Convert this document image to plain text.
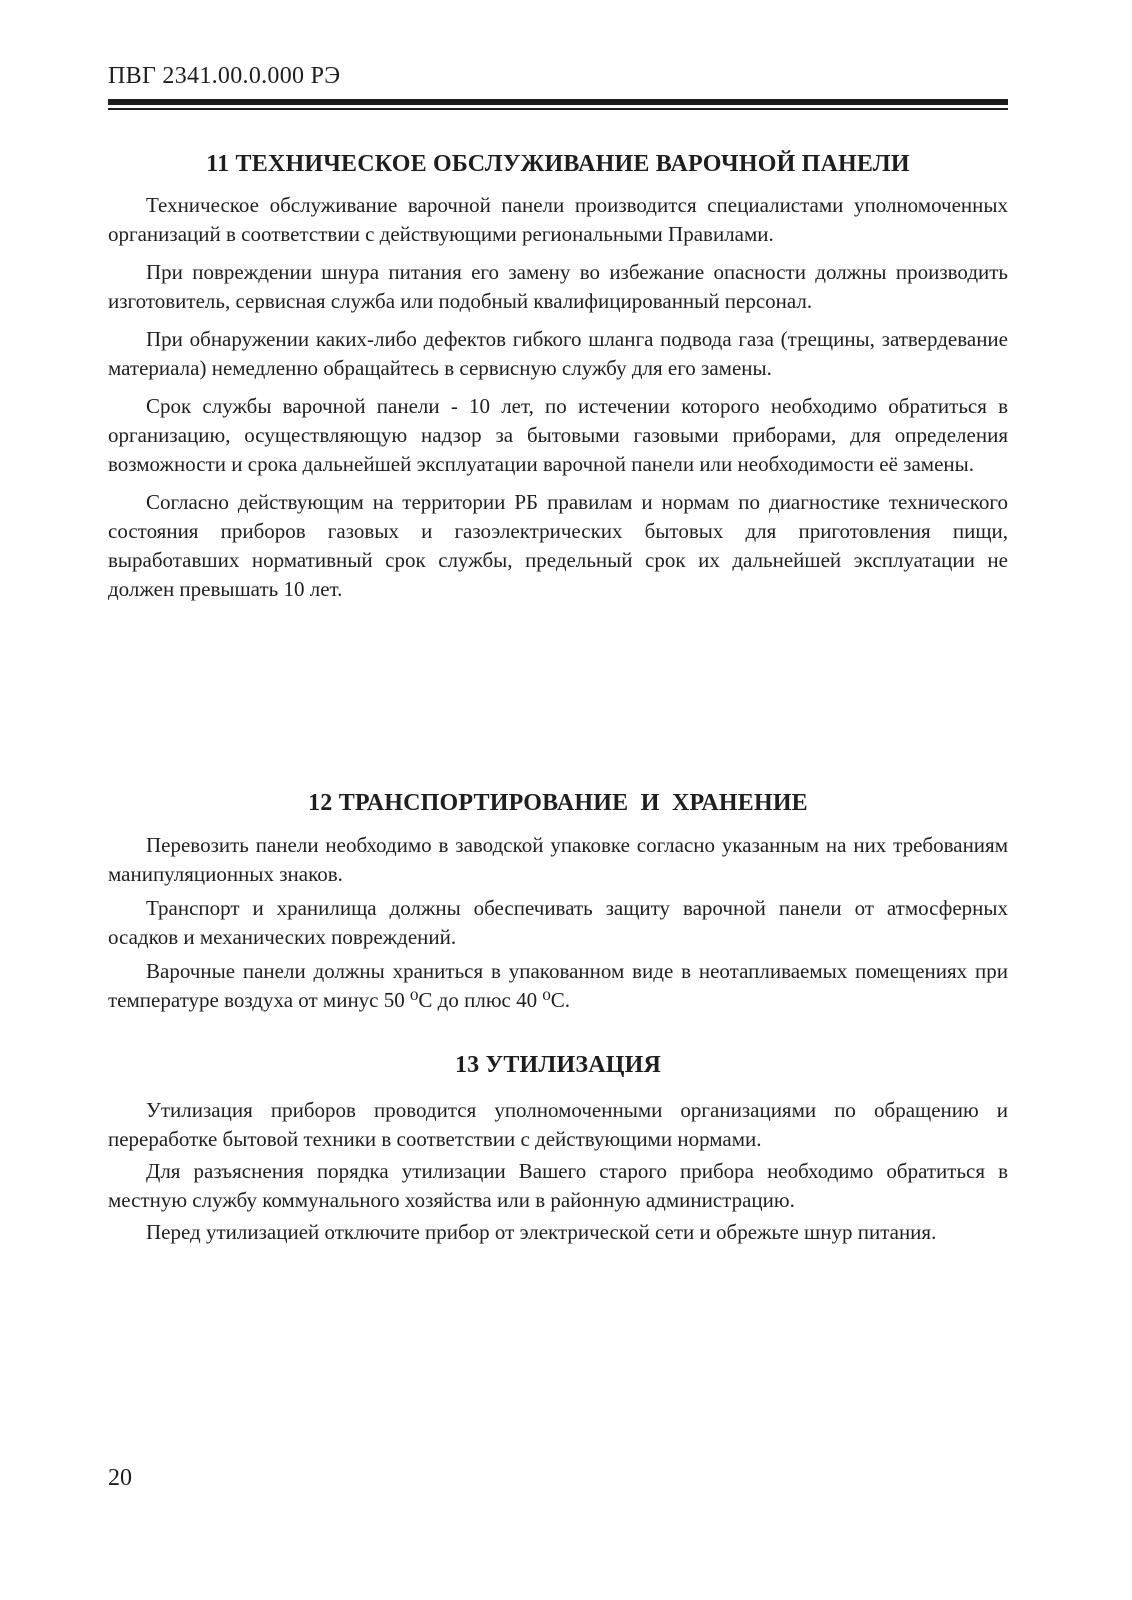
ПВГ 2341.00.0.000 РЭ
11 ТЕХНИЧЕСКОЕ ОБСЛУЖИВАНИЕ ВАРОЧНОЙ ПАНЕЛИ

Техническое обслуживание варочной панели производится специалистами уполномоченных организаций в соответствии с действующими региональными Правилами.

При повреждении шнура питания его замену во избежание опасности должны производить изготовитель, сервисная служба или подобный квалифицированный персонал.

При обнаружении каких-либо дефектов гибкого шланга подвода газа (трещины, затвердевание материала) немедленно обращайтесь в сервисную службу для его замены.

Срок службы варочной панели - 10 лет, по истечении которого необходимо обратиться в организацию, осуществляющую надзор за бытовыми газовыми приборами, для определения возможности и срока дальнейшей эксплуатации варочной панели или необходимости её замены.

Согласно действующим на территории РБ правилам и нормам по диагностике технического состояния приборов газовых и газоэлектрических бытовых для приготовления пищи, выработавших нормативный срок службы, предельный срок их дальнейшей эксплуатации не должен превышать 10 лет.

12 ТРАНСПОРТИРОВАНИЕ  И  ХРАНЕНИЕ

Перевозить панели необходимо в заводской упаковке согласно указанным на них требованиям манипуляционных знаков.

Транспорт и хранилища должны обеспечивать защиту варочной панели от атмосферных осадков и механических повреждений.

Варочные панели должны храниться в упакованном виде в неотапливаемых помещениях при температуре воздуха от минус 50 ⁰С до плюс 40 ⁰С.

13 УТИЛИЗАЦИЯ

Утилизация приборов проводится уполномоченными организациями по обращению и переработке бытовой техники в соответствии с действующими нормами.

Для разъяснения порядка утилизации Вашего старого прибора необходимо обратиться в местную службу коммунального хозяйства или в районную администрацию.

Перед утилизацией отключите прибор от электрической сети и обрежьте шнур питания.

20
